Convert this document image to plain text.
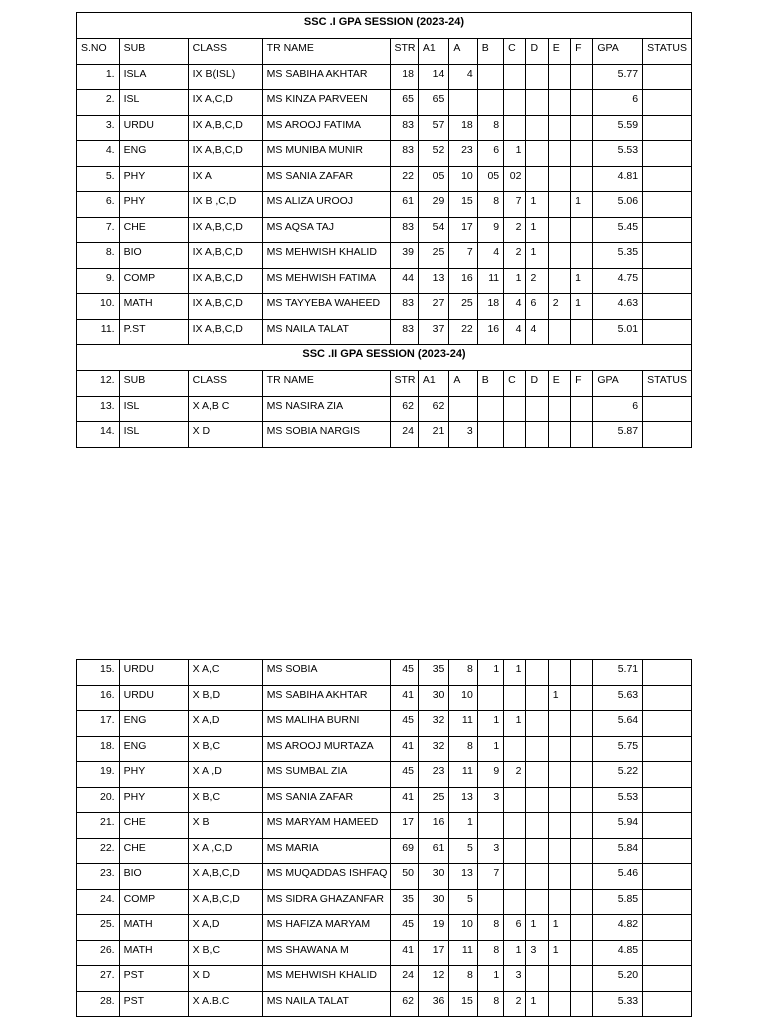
SSC .I GPA SESSION (2023-24)													
S.NO	SUB	CLASS	TR NAME	STR	A1	A	B	C	D	E	F	GPA	STATUS
1.	ISLA	IX B(ISL)	MS SABIHA AKHTAR	18	14	4						5.77	
2.	ISL	IX A,C,D	MS KINZA PARVEEN	65	65							6	
3.	URDU	IX A,B,C,D	MS AROOJ FATIMA	83	57	18	8					5.59	
4.	ENG	IX A,B,C,D	MS MUNIBA MUNIR	83	52	23	6	1				5.53	
5.	PHY	IX A	MS SANIA ZAFAR	22	05	10	05	02				4.81	
6.	PHY	IX B ,C,D	MS ALIZA UROOJ	61	29	15	8	7	1		1	5.06	
7.	CHE	IX A,B,C,D	MS AQSA TAJ	83	54	17	9	2	1			5.45	
8.	BIO	IX A,B,C,D	MS MEHWISH KHALID	39	25	7	4	2	1			5.35	
9.	COMP	IX A,B,C,D	MS MEHWISH FATIMA	44	13	16	11	1	2		1	4.75	
10.	MATH	IX A,B,C,D	MS TAYYEBA WAHEED	83	27	25	18	4	6	2	1	4.63	
11.	P.ST	IX A,B,C,D	MS NAILA TALAT	83	37	22	16	4	4			5.01	
SSC .II GPA SESSION (2023-24)													
12.	SUB	CLASS	TR NAME	STR	A1	A	B	C	D	E	F	GPA	STATUS
13.	ISL	X A,B C	MS NASIRA ZIA	62	62							6	
14.	ISL	X D	MS SOBIA NARGIS	24	21	3						5.87	
15.	URDU	X A,C	MS SOBIA	45	35	8	1	1				5.71	
16.	URDU	X B,D	MS SABIHA AKHTAR	41	30	10				1		5.63	
17.	ENG	X A,D	MS MALIHA BURNI	45	32	11	1	1				5.64	
18.	ENG	X B,C	MS AROOJ MURTAZA	41	32	8	1					5.75	
19.	PHY	X A ,D	MS SUMBAL ZIA	45	23	11	9	2				5.22	
20.	PHY	X B,C	MS SANIA ZAFAR	41	25	13	3					5.53	
21.	CHE	X B	MS MARYAM HAMEED	17	16	1						5.94	
22.	CHE	X A ,C,D	MS MARIA	69	61	5	3					5.84	
23.	BIO	X A,B,C,D	MS MUQADDAS ISHFAQ	50	30	13	7					5.46	
24.	COMP	X A,B,C,D	MS SIDRA GHAZANFAR	35	30	5						5.85	
25.	MATH	X A,D	MS HAFIZA MARYAM	45	19	10	8	6	1	1		4.82	
26.	MATH	X B,C	MS SHAWANA M	41	17	11	8	1	3	1		4.85	
27.	PST	X D	MS MEHWISH KHALID	24	12	8	1	3				5.20	
28.	PST	X A.B.C	MS NAILA TALAT	62	36	15	8	2	1			5.33	
